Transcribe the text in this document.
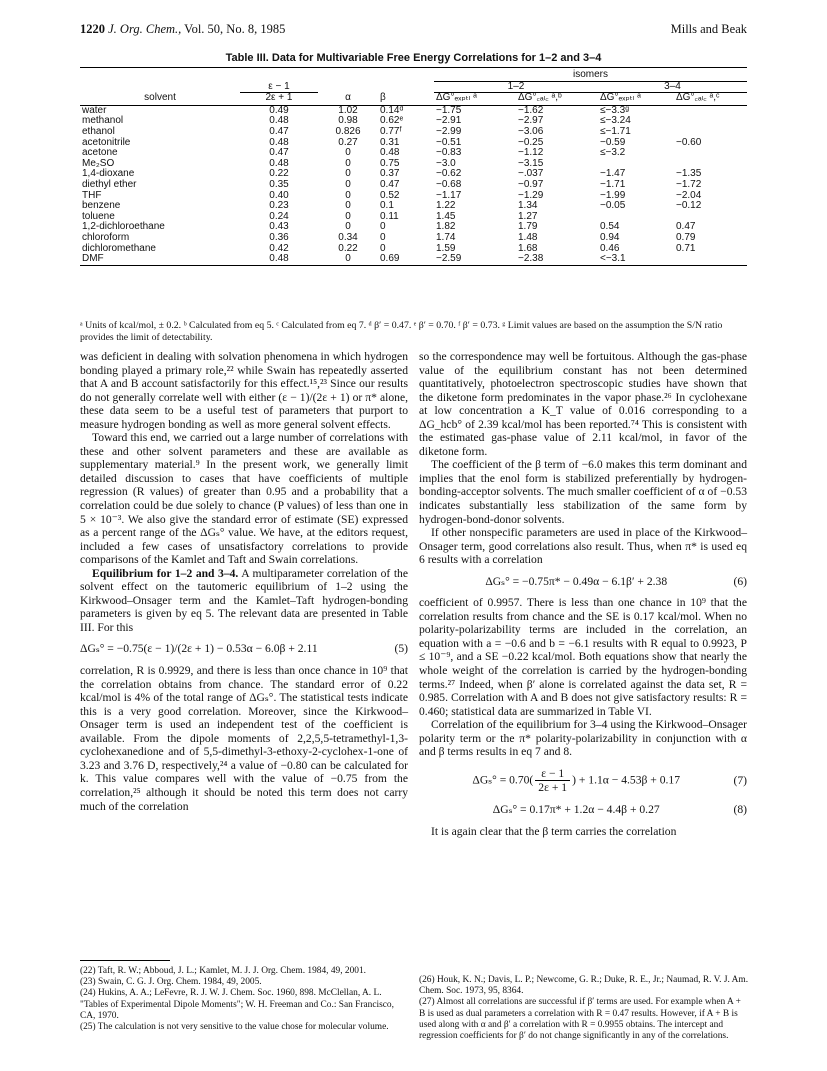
1220 J. Org. Chem., Vol. 50, No. 8, 1985	Mills and Beak
Table III. Data for Multivariable Free Energy Correlations for 1–2 and 3–4
				isomers			
	ε − 1			1–2		3–4	
solvent	2ε + 1	α	β	ΔG°ₑₓₚₜₗ ᵃ	ΔG°꜀ₐₗ꜀ ᵃ,ᵇ	ΔG°ₑₓₚₜₗ ᵃ	ΔG°꜀ₐₗ꜀ ᵃ,ᶜ
water	0.49	1.02	0.14ᵈ	−1.75	−1.62	≤−3.3ᵍ	
methanol	0.48	0.98	0.62ᵉ	−2.91	−2.97	≤−3.24	
ethanol	0.47	0.826	0.77ᶠ	−2.99	−3.06	≤−1.71	
acetonitrile	0.48	0.27	0.31	−0.51	−0.25	−0.59	−0.60
acetone	0.47	0	0.48	−0.83	−1.12	≤−3.2	
Me₂SO	0.48	0	0.75	−3.0	−3.15		
1,4-dioxane	0.22	0	0.37	−0.62	−.037	−1.47	−1.35
diethyl ether	0.35	0	0.47	−0.68	−0.97	−1.71	−1.72
THF	0.40	0	0.52	−1.17	−1.29	−1.99	−2.04
benzene	0.23	0	0.1	1.22	1.34	−0.05	−0.12
toluene	0.24	0	0.11	1.45	1.27		
1,2-dichloroethane	0.43	0	0	1.82	1.79	0.54	0.47
chloroform	0.36	0.34	0	1.74	1.48	0.94	0.79
dichloromethane	0.42	0.22	0	1.59	1.68	0.46	0.71
DMF	0.48	0	0.69	−2.59	−2.38	<−3.1	
ᵃ Units of kcal/mol, ± 0.2. ᵇ Calculated from eq 5. ᶜ Calculated from eq 7. ᵈ β′ = 0.47. ᵉ β′ = 0.70. ᶠ β′ = 0.73. ᵍ Limit values are based on the assumption the S/N ratio provides the limit of detectability.

was deficient in dealing with solvation phenomena in which hydrogen bonding played a primary role,²² while Swain has repeatedly asserted that A and B account satisfactorily for this effect.¹⁵,²³ Since our results do not generally correlate well with either (ε − 1)/(2ε + 1) or π* alone, these data seem to be a useful test of parameters that purport to measure hydrogen bonding as well as more general solvent effects.

Toward this end, we carried out a large number of correlations with these and other solvent parameters and these are available as supplementary material.⁹ In the present work, we generally limit detailed discussion to cases that have coefficients of multiple regression (R values) of greater than 0.95 and a probability that a correlation could be due solely to chance (P values) of less than one in 5 × 10⁻³. We also give the standard error of estimate (SE) expressed as a percent range of the ΔGₛ° value. We have, at the editors request, included a few cases of unsatisfactory correlations to provide comparisons of the Kamlet and Taft and Swain correlations.

Equilibrium for 1–2 and 3–4. A multiparameter correlation of the solvent effect on the tautomeric equilibrium of 1–2 using the Kirkwood–Onsager term and the Kamlet–Taft hydrogen-bonding parameters is given by eq 5. The relevant data are presented in Table III. For this

ΔGₛ° = −0.75(ε − 1)/(2ε + 1) − 0.53α − 6.0β + 2.11	(5)

correlation, R is 0.9929, and there is less than once chance in 10⁹ that the correlation obtains from chance. The standard error of 0.22 kcal/mol is 4% of the total range of ΔGₛ°. The statistical tests indicate this is a very good correlation. Moreover, since the Kirkwood–Onsager term is used an independent test of the coefficient is available. From the dipole moments of 2,2,5,5-tetramethyl-1,3-cyclohexanedione and of 5,5-dimethyl-3-ethoxy-2-cyclohex-1-one of 3.23 and 3.76 D, respectively,²⁴ a value of −0.80 can be calculated for k. This value compares well with the value of −0.75 from the correlation,²⁵ although it should be noted this term does not carry much of the correlation

so the correspondence may well be fortuitous. Although the gas-phase value of the equilibrium constant has not been determined quantitatively, photoelectron spectroscopic studies have shown that the diketone form predominates in the vapor phase.²⁶ In cyclohexane at low concentration a K_T value of 0.016 corresponding to a ΔG_hcb° of 2.39 kcal/mol has been reported.⁷⁴ This is consistent with the estimated gas-phase value of 2.11 kcal/mol, in favor of the diketone form.

The coefficient of the β term of −6.0 makes this term dominant and implies that the enol form is stabilized preferentially by hydrogen-bonding-acceptor solvents. The much smaller coefficient of α of −0.53 indicates substantially less stabilization of the same form by hydrogen-bond-donor solvents.

If other nonspecific parameters are used in place of the Kirkwood–Onsager term, good correlations also result. Thus, when π* is used eq 6 results with a correlation

ΔGₛ° = −0.75π* − 0.49α − 6.1β′ + 2.38	(6)

coefficient of 0.9957. There is less than one chance in 10⁹ that the correlation results from chance and the SE is 0.17 kcal/mol. When no polarity-polarizability terms are included in the correlation, an equation with a = −0.6 and b = −6.1 results with R equal to 0.9923, P ≤ 10⁻⁹, and a SE −0.22 kcal/mol. Both equations show that nearly the whole weight of the correlation is carried by the hydrogen-bonding terms.²⁷ Indeed, when β′ alone is correlated against the data set, R = 0.985. Correlation with A and B does not give satisfactory results: R = 0.460; statistical data are summarized in Table VI.

Correlation of the equilibrium for 3–4 using the Kirkwood–Onsager polarity term or the π* polarity-polarizability in conjunction with α and β terms results in eq 7 and 8.

$\Delta G_s^\circ = 0.70( \frac{\varepsilon - 1}{2\varepsilon + 1}$ ) + 1.1α − 4.53β + 0.17	(7)
ΔGₛ° = 0.17π* + 1.2α − 4.4β + 0.27	(8)

It is again clear that the β term carries the correlation

(22) Taft, R. W.; Abboud, J. L.; Kamlet, M. J. J. Org. Chem. 1984, 49, 2001.

(23) Swain, C. G. J. Org. Chem. 1984, 49, 2005.

(24) Hukins, A. A.; LeFevre, R. J. W. J. Chem. Soc. 1960, 898. McClellan, A. L. "Tables of Experimental Dipole Moments"; W. H. Freeman and Co.: San Francisco, CA, 1970.

(25) The calculation is not very sensitive to the value chose for molecular volume.

(26) Houk, K. N.; Davis, L. P.; Newcome, G. R.; Duke, R. E., Jr.; Naumad, R. V. J. Am. Chem. Soc. 1973, 95, 8364.

(27) Almost all correlations are successful if β′ terms are used. For example when A + B is used as dual parameters a correlation with R = 0.47 results. However, if A + B is used along with α and β′ a correlation with R = 0.9955 obtains. The intercept and regression coefficients for β′ do not change significantly in any of the correlations.
